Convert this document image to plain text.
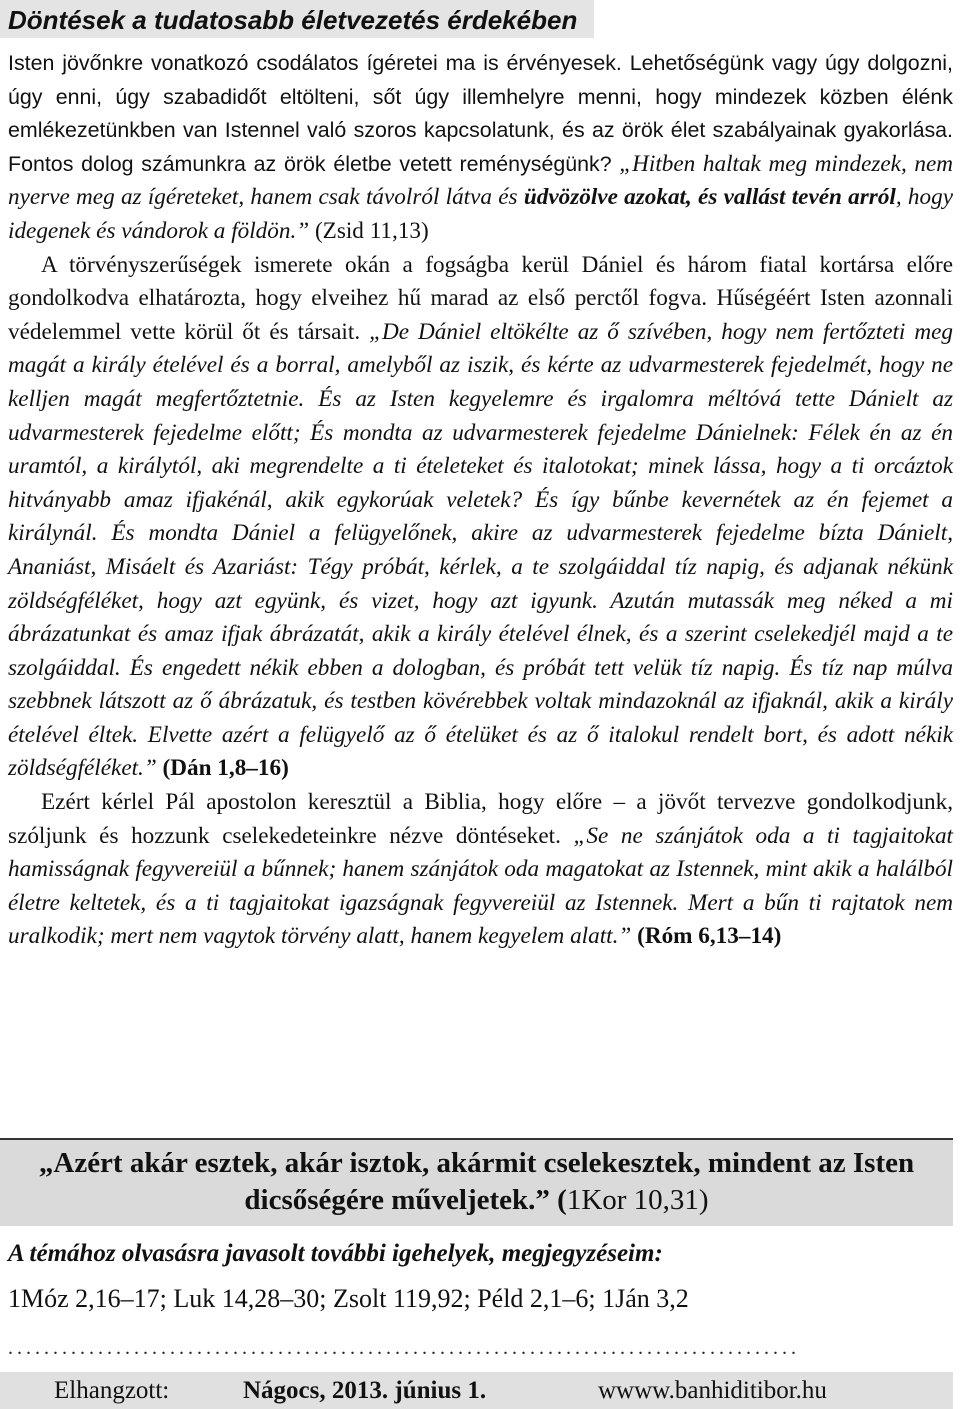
Döntések a tudatosabb életvezetés érdekében

Isten jövőnkre vonatkozó csodálatos ígéretei ma is érvényesek. Lehetőségünk vagy úgy dolgozni, úgy enni, úgy szabadidőt eltölteni, sőt úgy illemhelyre menni, hogy mindezek közben élénk emlékezetünkben van Istennel való szoros kapcsolatunk, és az örök élet szabályainak gyakorlása. Fontos dolog számunkra az örök életbe vetett reménységünk? „Hitben haltak meg mindezek, nem nyerve meg az ígéreteket, hanem csak távolról látva és üdvözölve azokat, és vallást tevén arról, hogy idegenek és vándorok a földön.” (Zsid 11,13)

A törvényszerűségek ismerete okán a fogságba kerül Dániel és három fiatal kortársa előre gondolkodva elhatározta, hogy elveihez hű marad az első perctől fogva. Hűségéért Isten azonnali védelemmel vette körül őt és társait. „De Dániel eltökélte az ő szívében, hogy nem fertőzteti meg magát a király ételével és a borral, amelyből az iszik, és kérte az udvarmesterek fejedelmét, hogy ne kelljen magát megfertőztetnie. És az Isten kegyelemre és irgalomra méltóvá tette Dánielt az udvarmesterek fejedelme előtt; És mondta az udvarmesterek fejedelme Dánielnek: Félek én az én uramtól, a királytól, aki megrendelte a ti ételeteket és italotokat; minek lássa, hogy a ti orcáztok hitványabb amaz ifjakénál, akik egykorúak veletek? És így bűnbe kevernétek az én fejemet a királynál. És mondta Dániel a felügyelőnek, akire az udvarmesterek fejedelme bízta Dánielt, Ananiást, Misáelt és Azariást: Tégy próbát, kérlek, a te szolgáiddal tíz napig, és adjanak nékünk zöldségféléket, hogy azt együnk, és vizet, hogy azt igyunk. Azután mutassák meg néked a mi ábrázatunkat és amaz ifjak ábrázatát, akik a király ételével élnek, és a szerint cselekedjél majd a te szolgáiddal. És engedett nékik ebben a dologban, és próbát tett velük tíz napig. És tíz nap múlva szebbnek látszott az ő ábrázatuk, és testben kövérebbek voltak mindazoknál az ifjaknál, akik a király ételével éltek. Elvette azért a felügyelő az ő ételüket és az ő italokul rendelt bort, és adott nékik zöldségféléket.” (Dán 1,8–16)

Ezért kérlel Pál apostolon keresztül a Biblia, hogy előre – a jövőt tervezve gondolkodjunk, szóljunk és hozzunk cselekedeteinkre nézve döntéseket. „Se ne szánjátok oda a ti tagjaitokat hamisságnak fegyvereiül a bűnnek; hanem szánjátok oda magatokat az Istennek, mint akik a halálból életre keltetek, és a ti tagjaitokat igazságnak fegyvereiül az Istennek. Mert a bűn ti rajtatok nem uralkodik; mert nem vagytok törvény alatt, hanem kegyelem alatt.” (Róm 6,13–14)

„Azért akár esztek, akár isztok, akármit cselekesztek, mindent az Isten dicsőségére műveljetek.” (1Kor 10,31)
A témához olvasásra javasolt további igehelyek, megjegyzéseim:
1Móz 2,16–17; Luk 14,28–30; Zsolt 119,92; Péld 2,1–6; 1Ján 3,2
........................................................................................
Elhangzott:	Nágocs, 2013. június 1.	wwww.banhiditibor.hu
